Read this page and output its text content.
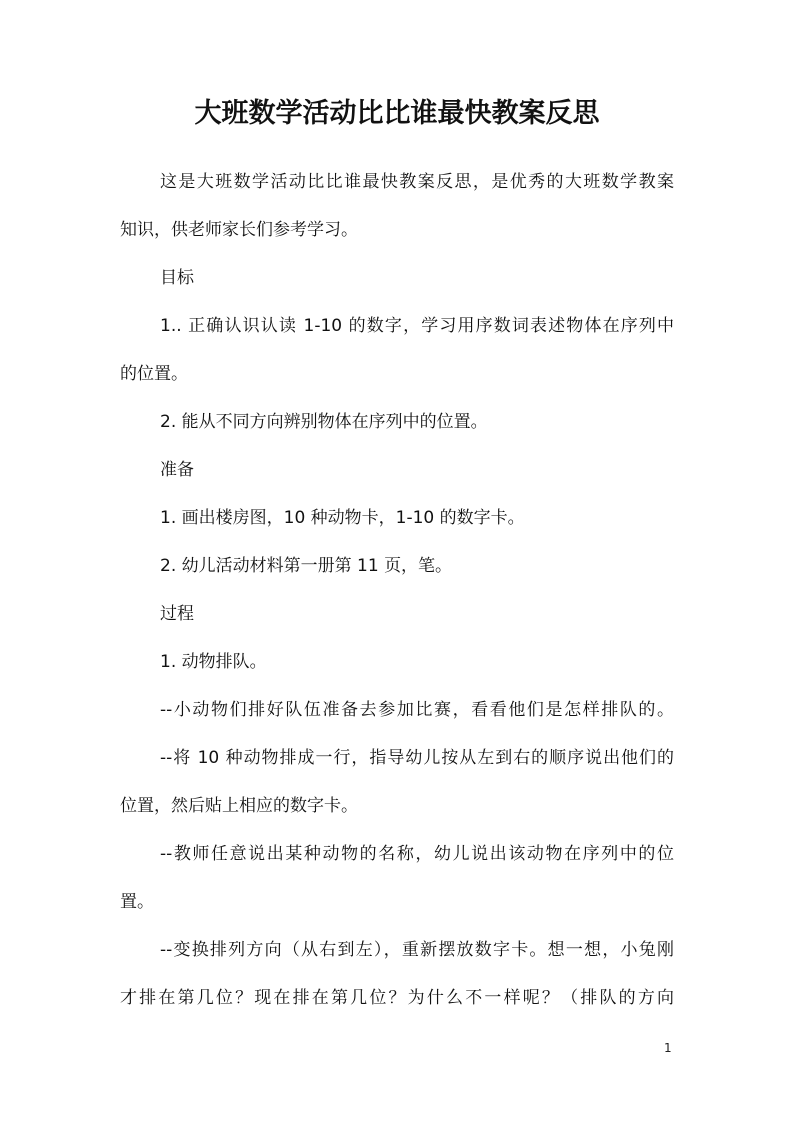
大班数学活动比比谁最快教案反思

这是大班数学活动比比谁最快教案反思，是优秀的大班数学教案

知识，供老师家长们参考学习。

目标

1.. 正确认识认读 1-10 的数字，学习用序数词表述物体在序列中

的位置。

2. 能从不同方向辨别物体在序列中的位置。

准备

1. 画出楼房图，10 种动物卡，1-10 的数字卡。

2. 幼儿活动材料第一册第 11 页，笔。

过程

1. 动物排队。

--小动物们排好队伍准备去参加比赛，看看他们是怎样排队的。

--将 10 种动物排成一行，指导幼儿按从左到右的顺序说出他们的

位置，然后贴上相应的数字卡。

--教师任意说出某种动物的名称，幼儿说出该动物在序列中的位

置。

--变换排列方向（从右到左），重新摆放数字卡。想一想，小兔刚

才排在第几位？现在排在第几位？为什么不一样呢？（排队的方向

1
